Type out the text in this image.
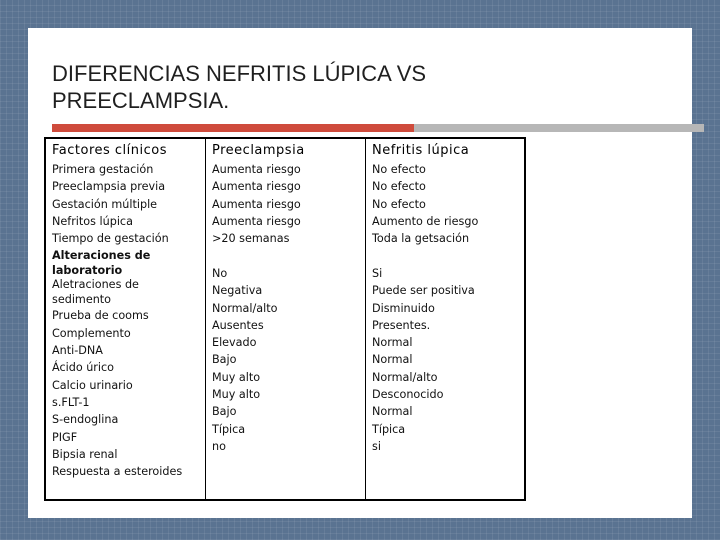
DIFERENCIAS NEFRITIS LÚPICA VS
PREECLAMPSIA.

Factores clínicos

Primera gestación
Preeclampsia previa
Gestación múltiple
Nefritos lúpica
Tiempo de gestación
Alteraciones de
laboratorio
Aletraciones de
sedimento
Prueba de cooms
Complemento
Anti-DNA
Ácido úrico
Calcio urinario
s.FLT-1
S-endoglina
PIGF
Bipsia renal
Respuesta a esteroides

Preeclampsia

Aumenta riesgo
Aumenta riesgo
Aumenta riesgo
Aumenta riesgo
>20 semanas
No
Negativa
Normal/alto
Ausentes
Elevado
Bajo
Muy alto
Muy alto
Bajo
Típica
no

Nefritis lúpica

No efecto
No efecto
No efecto
Aumento de riesgo
Toda la getsación
Si
Puede ser positiva
Disminuido
Presentes.
Normal
Normal
Normal/alto
Desconocido
Normal
Típica
si
